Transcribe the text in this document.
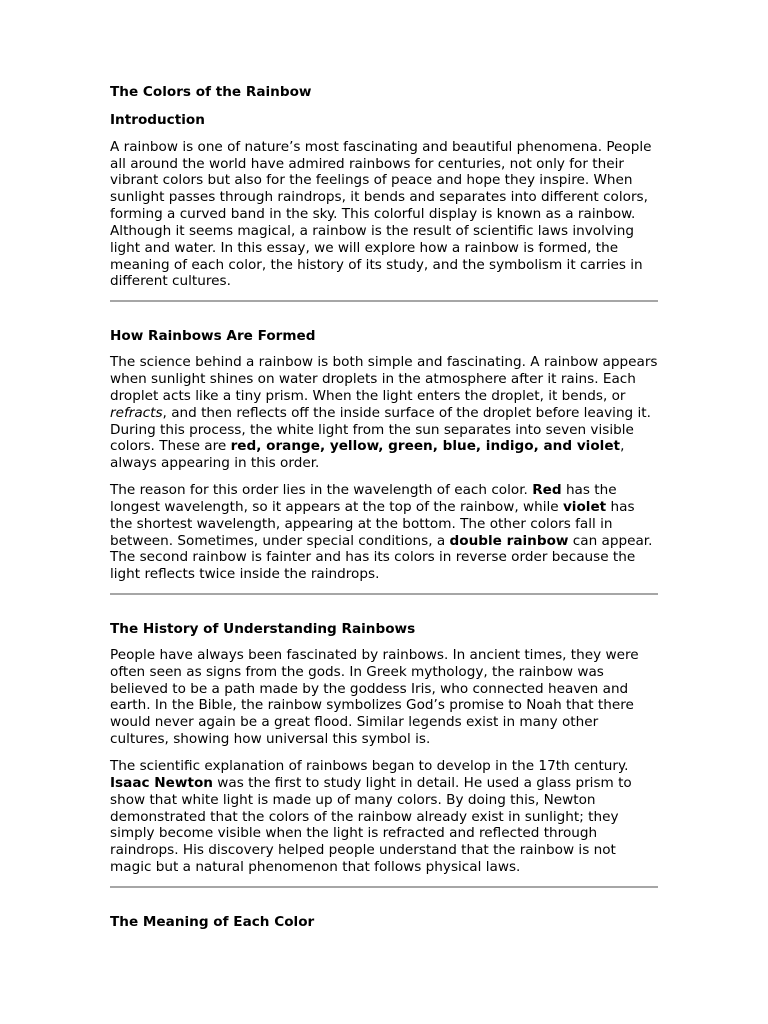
The Colors of the Rainbow
Introduction

A rainbow is one of nature’s most fascinating and beautiful phenomena. People all around the world have admired rainbows for centuries, not only for their vibrant colors but also for the feelings of peace and hope they inspire. When sunlight passes through raindrops, it bends and separates into different colors, forming a curved band in the sky. This colorful display is known as a rainbow. Although it seems magical, a rainbow is the result of scientific laws involving light and water. In this essay, we will explore how a rainbow is formed, the meaning of each color, the history of its study, and the symbolism it carries in different cultures.

How Rainbows Are Formed

The science behind a rainbow is both simple and fascinating. A rainbow appears when sunlight shines on water droplets in the atmosphere after it rains. Each droplet acts like a tiny prism. When the light enters the droplet, it bends, or refracts, and then reflects off the inside surface of the droplet before leaving it. During this process, the white light from the sun separates into seven visible colors. These are red, orange, yellow, green, blue, indigo, and violet, always appearing in this order.

The reason for this order lies in the wavelength of each color. Red has the longest wavelength, so it appears at the top of the rainbow, while violet has the shortest wavelength, appearing at the bottom. The other colors fall in between. Sometimes, under special conditions, a double rainbow can appear. The second rainbow is fainter and has its colors in reverse order because the light reflects twice inside the raindrops.

The History of Understanding Rainbows

People have always been fascinated by rainbows. In ancient times, they were often seen as signs from the gods. In Greek mythology, the rainbow was believed to be a path made by the goddess Iris, who connected heaven and earth. In the Bible, the rainbow symbolizes God’s promise to Noah that there would never again be a great flood. Similar legends exist in many other cultures, showing how universal this symbol is.

The scientific explanation of rainbows began to develop in the 17th century. Isaac Newton was the first to study light in detail. He used a glass prism to show that white light is made up of many colors. By doing this, Newton demonstrated that the colors of the rainbow already exist in sunlight; they simply become visible when the light is refracted and reflected through raindrops. His discovery helped people understand that the rainbow is not magic but a natural phenomenon that follows physical laws.

The Meaning of Each Color
